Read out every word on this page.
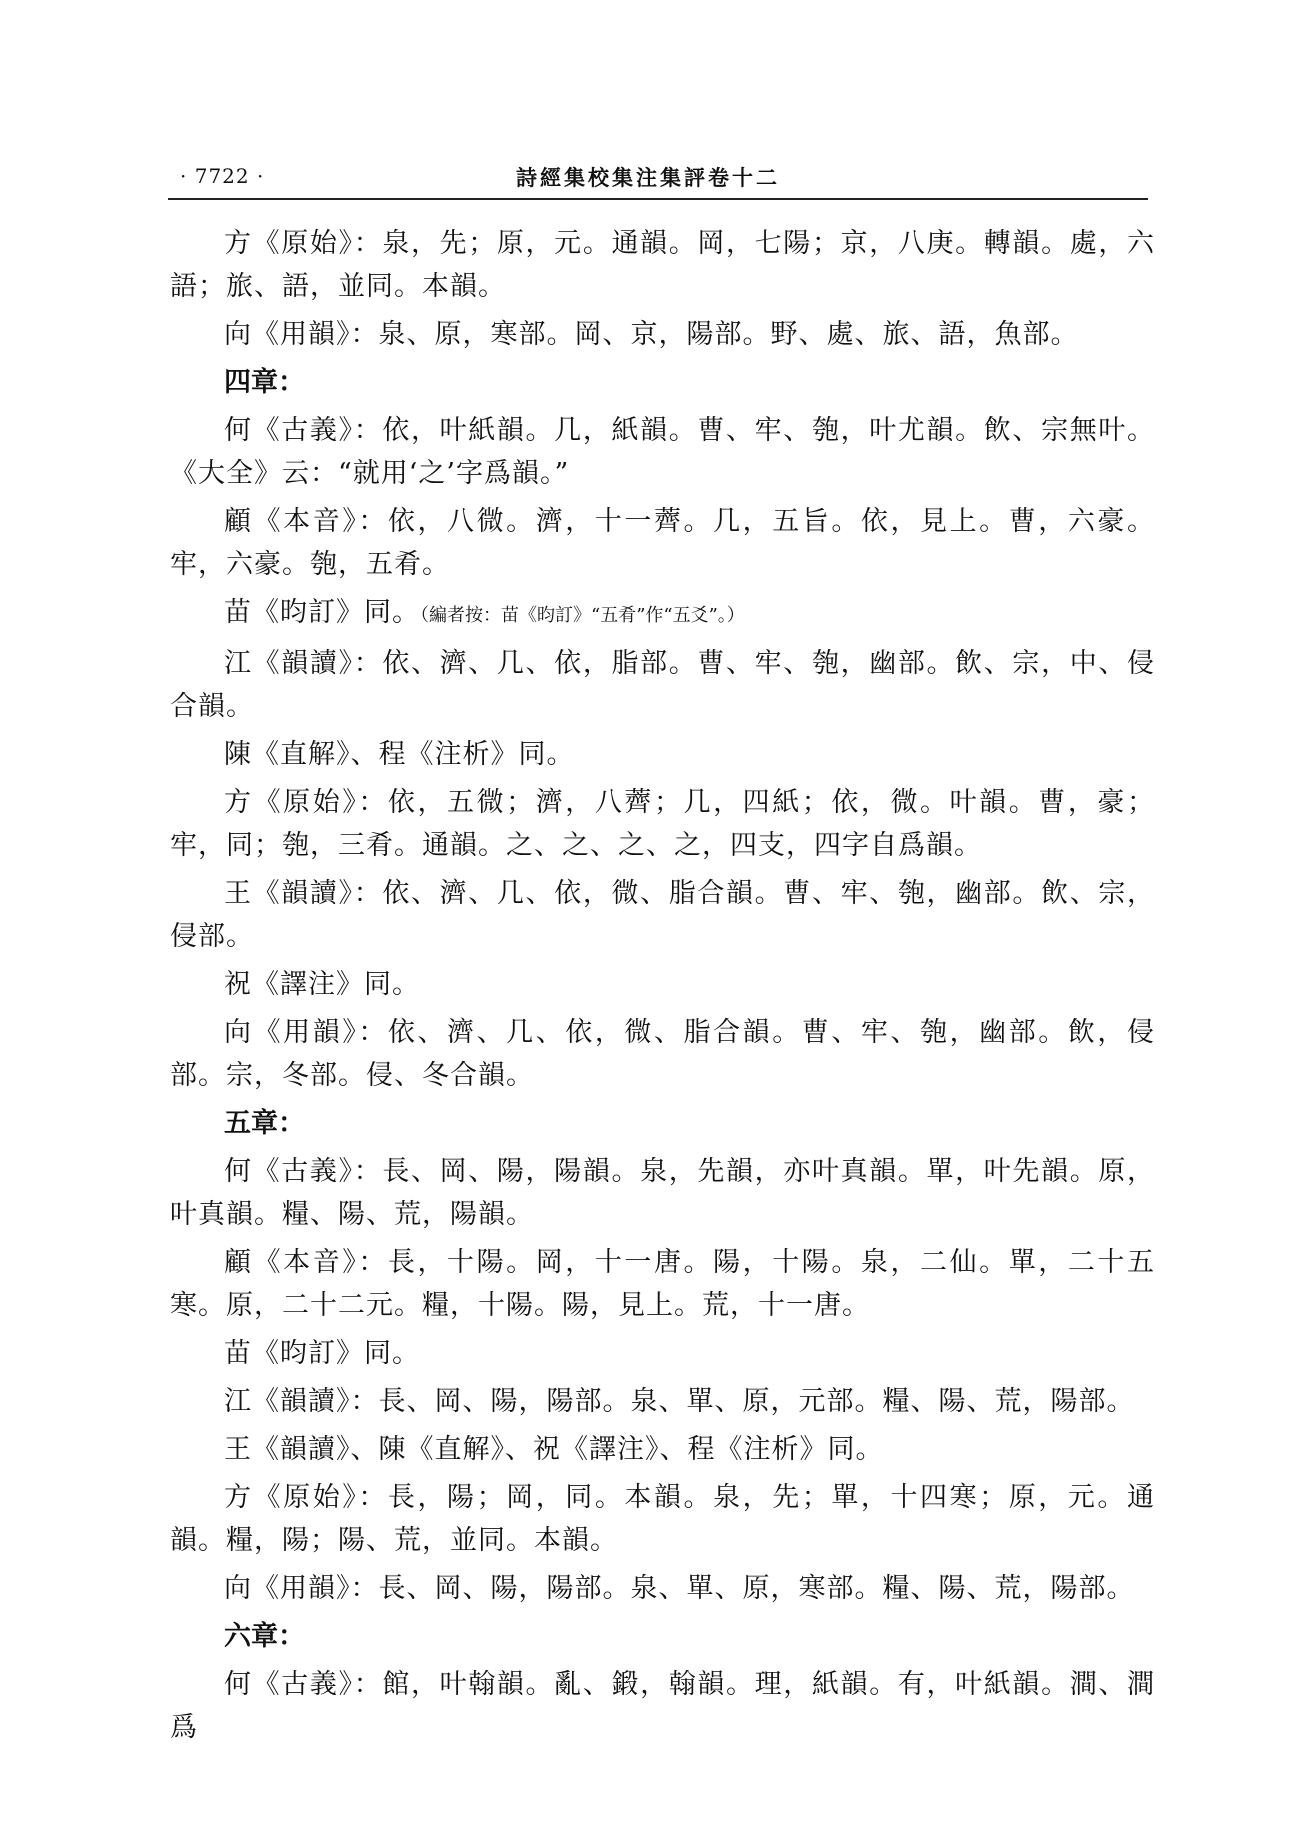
· 7722 ·	詩經集校集注集評卷十二

方《原始》：泉，先；原，元。通韻。岡，七陽；京，八庚。轉韻。處，六語；旅、語，並同。本韻。

向《用韻》：泉、原，寒部。岡、京，陽部。野、處、旅、語，魚部。

四章：

何《古義》：依，叶紙韻。几，紙韻。曹、牢、匏，叶尤韻。飲、宗無叶。《大全》云：“就用‘之’字爲韻。”

顧《本音》：依，八微。濟，十一薺。几，五旨。依，見上。曹，六豪。牢，六豪。匏，五肴。

苗《昀訂》同。（編者按：苗《昀訂》“五肴”作“五爻”。）

江《韻讀》：依、濟、几、依，脂部。曹、牢、匏，幽部。飲、宗，中、侵合韻。

陳《直解》、程《注析》同。

方《原始》：依，五微；濟，八薺；几，四紙；依，微。叶韻。曹，豪；牢，同；匏，三肴。通韻。之、之、之、之，四支，四字自爲韻。

王《韻讀》：依、濟、几、依，微、脂合韻。曹、牢、匏，幽部。飲、宗，侵部。

祝《譯注》同。

向《用韻》：依、濟、几、依，微、脂合韻。曹、牢、匏，幽部。飲，侵部。宗，冬部。侵、冬合韻。

五章：

何《古義》：長、岡、陽，陽韻。泉，先韻，亦叶真韻。單，叶先韻。原，叶真韻。糧、陽、荒，陽韻。

顧《本音》：長，十陽。岡，十一唐。陽，十陽。泉，二仙。單，二十五寒。原，二十二元。糧，十陽。陽，見上。荒，十一唐。

苗《昀訂》同。

江《韻讀》：長、岡、陽，陽部。泉、單、原，元部。糧、陽、荒，陽部。

王《韻讀》、陳《直解》、祝《譯注》、程《注析》同。

方《原始》：長，陽；岡，同。本韻。泉，先；單，十四寒；原，元。通韻。糧，陽；陽、荒，並同。本韻。

向《用韻》：長、岡、陽，陽部。泉、單、原，寒部。糧、陽、荒，陽部。

六章：

何《古義》：館，叶翰韻。亂、鍛，翰韻。理，紙韻。有，叶紙韻。澗、澗爲
